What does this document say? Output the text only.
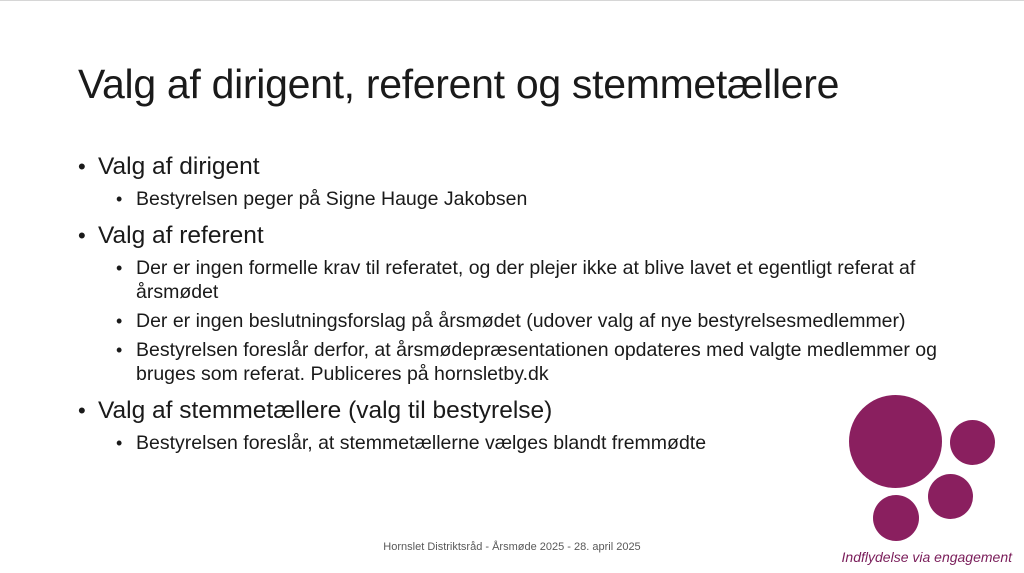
Valg af dirigent, referent og stemmetællere
• Valg af dirigent
• Bestyrelsen peger på Signe Hauge Jakobsen
• Valg af referent
• Der er ingen formelle krav til referatet, og der plejer ikke at blive lavet et egentligt referat af årsmødet
• Der er ingen beslutningsforslag på årsmødet (udover valg af nye bestyrelsesmedlemmer)
• Bestyrelsen foreslår derfor, at årsmødepræsentationen opdateres med valgte medlemmer og bruges som referat. Publiceres på hornsletby.dk
• Valg af stemmetællere (valg til bestyrelse)
• Bestyrelsen foreslår, at stemmetællerne vælges blandt fremmødte
Hornslet Distriktsråd - Årsmøde 2025 - 28. april 2025
Indflydelse via engagement
